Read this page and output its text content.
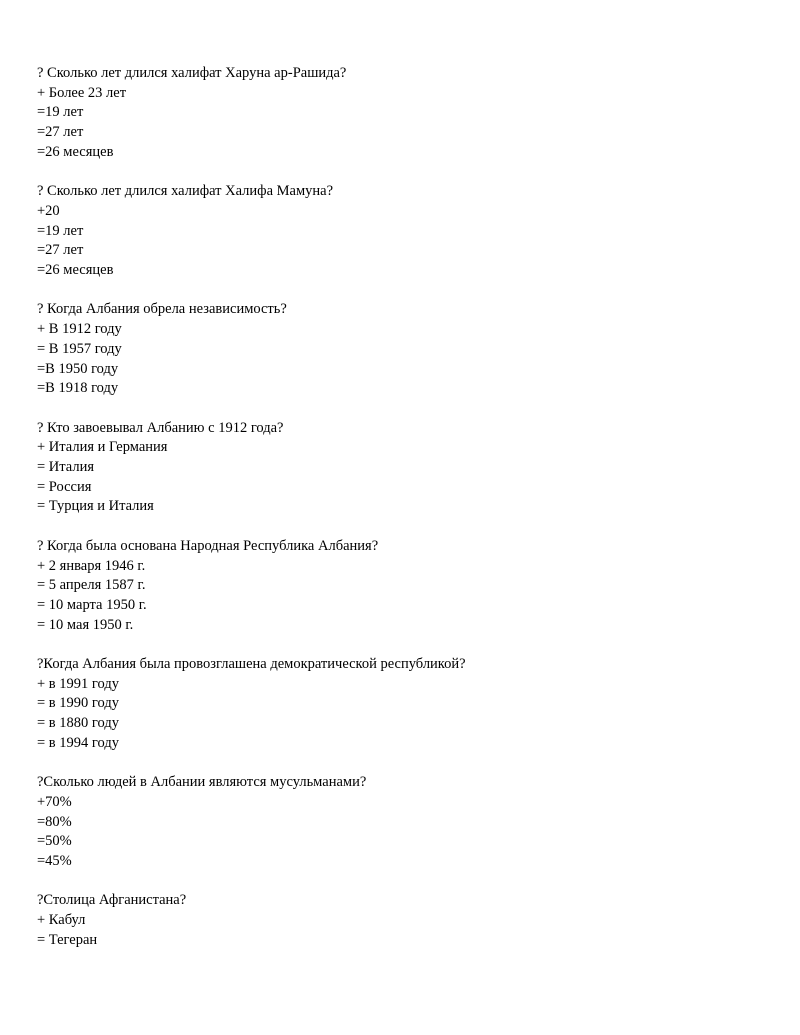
? Сколько лет длился халифат Харуна ар-Рашида?
+ Более 23 лет
=19 лет
=27 лет
=26 месяцев
? Сколько лет длился халифат Халифа Мамуна?
+20
=19 лет
=27 лет
=26 месяцев
? Когда Албания обрела независимость?
+ В 1912 году
= В 1957 году
=В 1950 году
=В 1918 году
? Кто завоевывал Албанию с 1912 года?
+ Италия и Германия
= Италия
= Россия
= Турция и Италия
? Когда была основана Народная Республика Албания?
+ 2 января 1946 г.
= 5 апреля 1587 г.
= 10 марта 1950 г.
= 10 мая 1950 г.
?Когда Албания была провозглашена демократической республикой?
+ в 1991 году
= в 1990 году
= в 1880 году
= в 1994 году
?Сколько людей в Албании являются мусульманами?
+70%
=80%
=50%
=45%
?Столица Афганистана?
+ Кабул
= Тегеран
